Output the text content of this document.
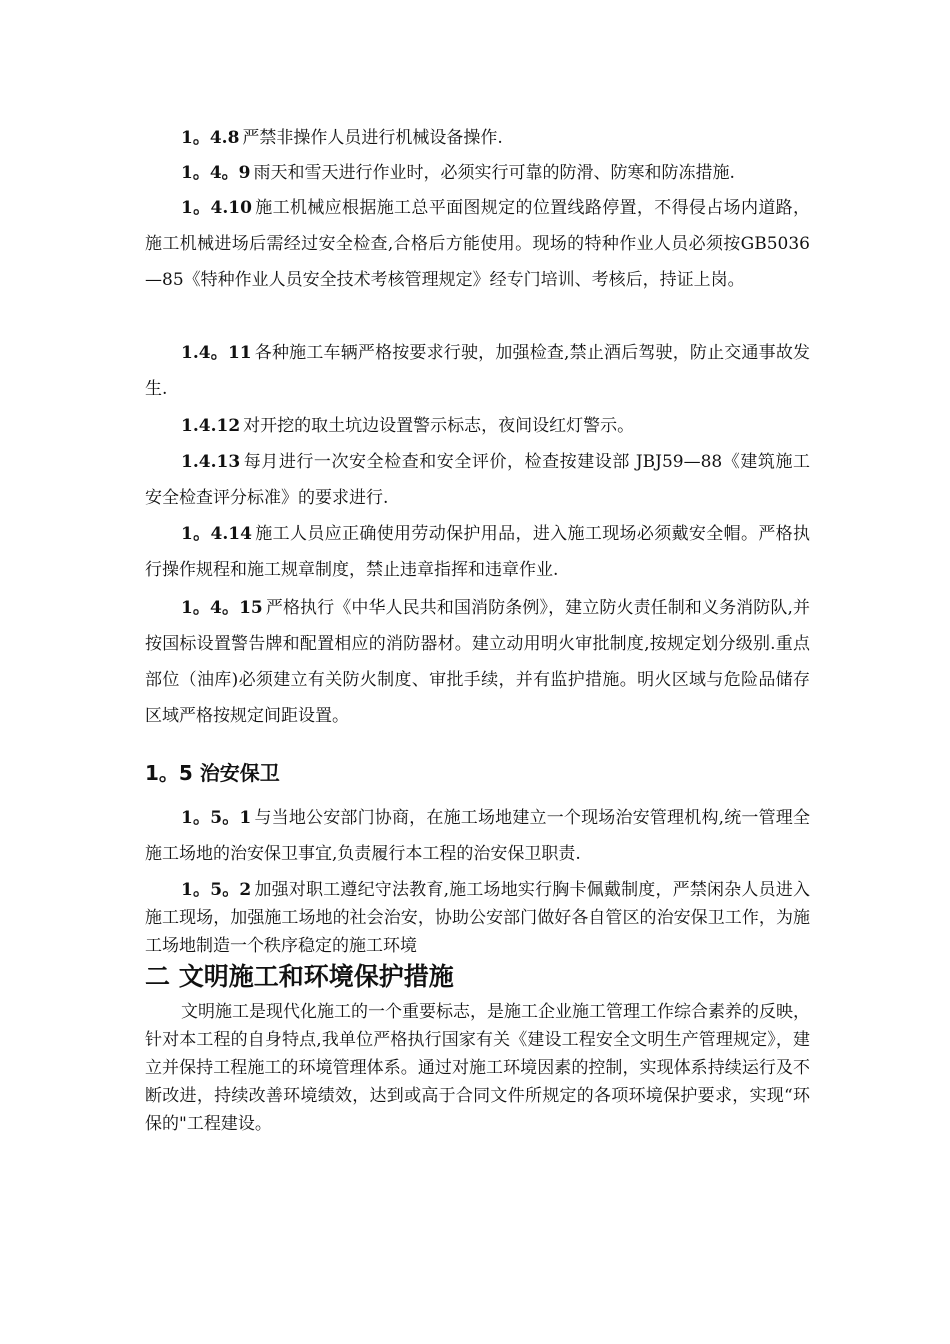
1。4.8 严禁非操作人员进行机械设备操作.
1。4。9 雨天和雪天进行作业时，必须实行可靠的防滑、防寒和防冻措施.
1。4.10 施工机械应根据施工总平面图规定的位置线路停置，不得侵占场内道路，施工机械进场后需经过安全检查,合格后方能使用。现场的特种作业人员必须按GB5036—85《特种作业人员安全技术考核管理规定》经专门培训、考核后，持证上岗。
1.4。11 各种施工车辆严格按要求行驶，加强检查,禁止酒后驾驶，防止交通事故发生.
1.4.12 对开挖的取土坑边设置警示标志，夜间设红灯警示。
1.4.13 每月进行一次安全检查和安全评价，检查按建设部 JBJ59—88《建筑施工安全检查评分标准》的要求进行.
1。4.14 施工人员应正确使用劳动保护用品，进入施工现场必须戴安全帽。严格执行操作规程和施工规章制度，禁止违章指挥和违章作业.
1。4。15 严格执行《中华人民共和国消防条例》，建立防火责任制和义务消防队,并按国标设置警告牌和配置相应的消防器材。建立动用明火审批制度,按规定划分级别.重点部位（油库)必须建立有关防火制度、审批手续，并有监护措施。明火区域与危险品储存区域严格按规定间距设置。
1。5 治安保卫
1。5。1 与当地公安部门协商，在施工场地建立一个现场治安管理机构,统一管理全施工场地的治安保卫事宜,负责履行本工程的治安保卫职责.
1。5。2 加强对职工遵纪守法教育,施工场地实行胸卡佩戴制度，严禁闲杂人员进入施工现场，加强施工场地的社会治安，协助公安部门做好各自管区的治安保卫工作，为施工场地制造一个秩序稳定的施工环境
二 文明施工和环境保护措施
文明施工是现代化施工的一个重要标志，是施工企业施工管理工作综合素养的反映，针对本工程的自身特点,我单位严格执行国家有关《建设工程安全文明生产管理规定》，建立并保持工程施工的环境管理体系。通过对施工环境因素的控制，实现体系持续运行及不断改进，持续改善环境绩效，达到或高于合同文件所规定的各项环境保护要求，实现“环保的"工程建设。
